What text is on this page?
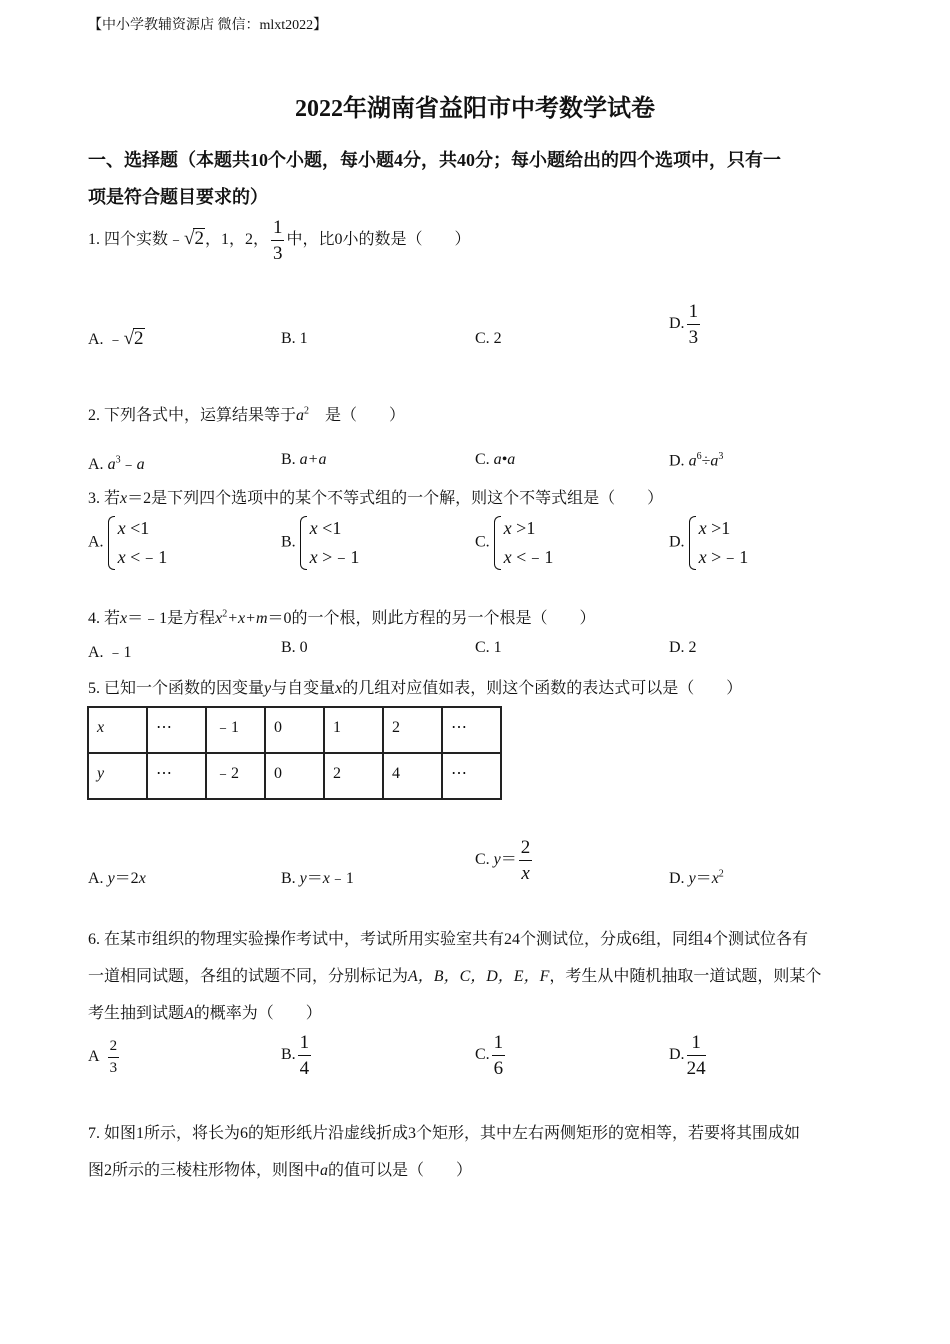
【中小学教辅资源店 微信：mlxt2022】
2022年湖南省益阳市中考数学试卷
一、选择题（本题共10个小题，每小题4分，共40分；每小题给出的四个选项中，只有一
项是符合题目要求的）
1. 四个实数﹣√2，1，2， $\frac{1}{3}$ 中，比0小的数是（　　）
A. ﹣√2	B. 1	C. 2
D. $\frac{1}{3}$
2. 下列各式中，运算结果等于$a^2$　是（　　）
A. $a^3﹣a$	B. a+a	C. a•a	D. $a^6\div a^3$
3. 若x＝2是下列四个选项中的某个不等式组的一个解，则这个不等式组是（　　）
A.
x <1
x <﹣1
B.
x <1
x >﹣1
C.
x >1
x <﹣1
D.
x >1
x >﹣1
4. 若x＝﹣1是方程$x^2+x+m=0$的一个根，则此方程的另一个根是（　　）
A. ﹣1	B. 0	C. 1	D. 2
5. 已知一个函数的因变量y与自变量x的几组对应值如表，则这个函数的表达式可以是（　　）
x	⋯	﹣1	0	1	2	⋯
y	⋯	﹣2	0	2	4	⋯
A. y＝2x	B. y＝x﹣1
C. $y= \frac{2}{x}$	D. $y=x^2$
6. 在某市组织的物理实验操作考试中，考试所用实验室共有24个测试位，分成6组，同组4个测试位各有
一道相同试题，各组的试题不同，分别标记为A，B，C，D，E，F，考生从中随机抽取一道试题，则某个
考生抽到试题A的概率为（　　）
A $\frac{2}{3}$	B. $\frac{1}{4}$	C. $\frac{1}{6}$	D. $\frac{1}{24}$
7. 如图1所示，将长为6的矩形纸片沿虚线折成3个矩形，其中左右两侧矩形的宽相等，若要将其围成如
图2所示的三棱柱形物体，则图中a的值可以是（　　）
